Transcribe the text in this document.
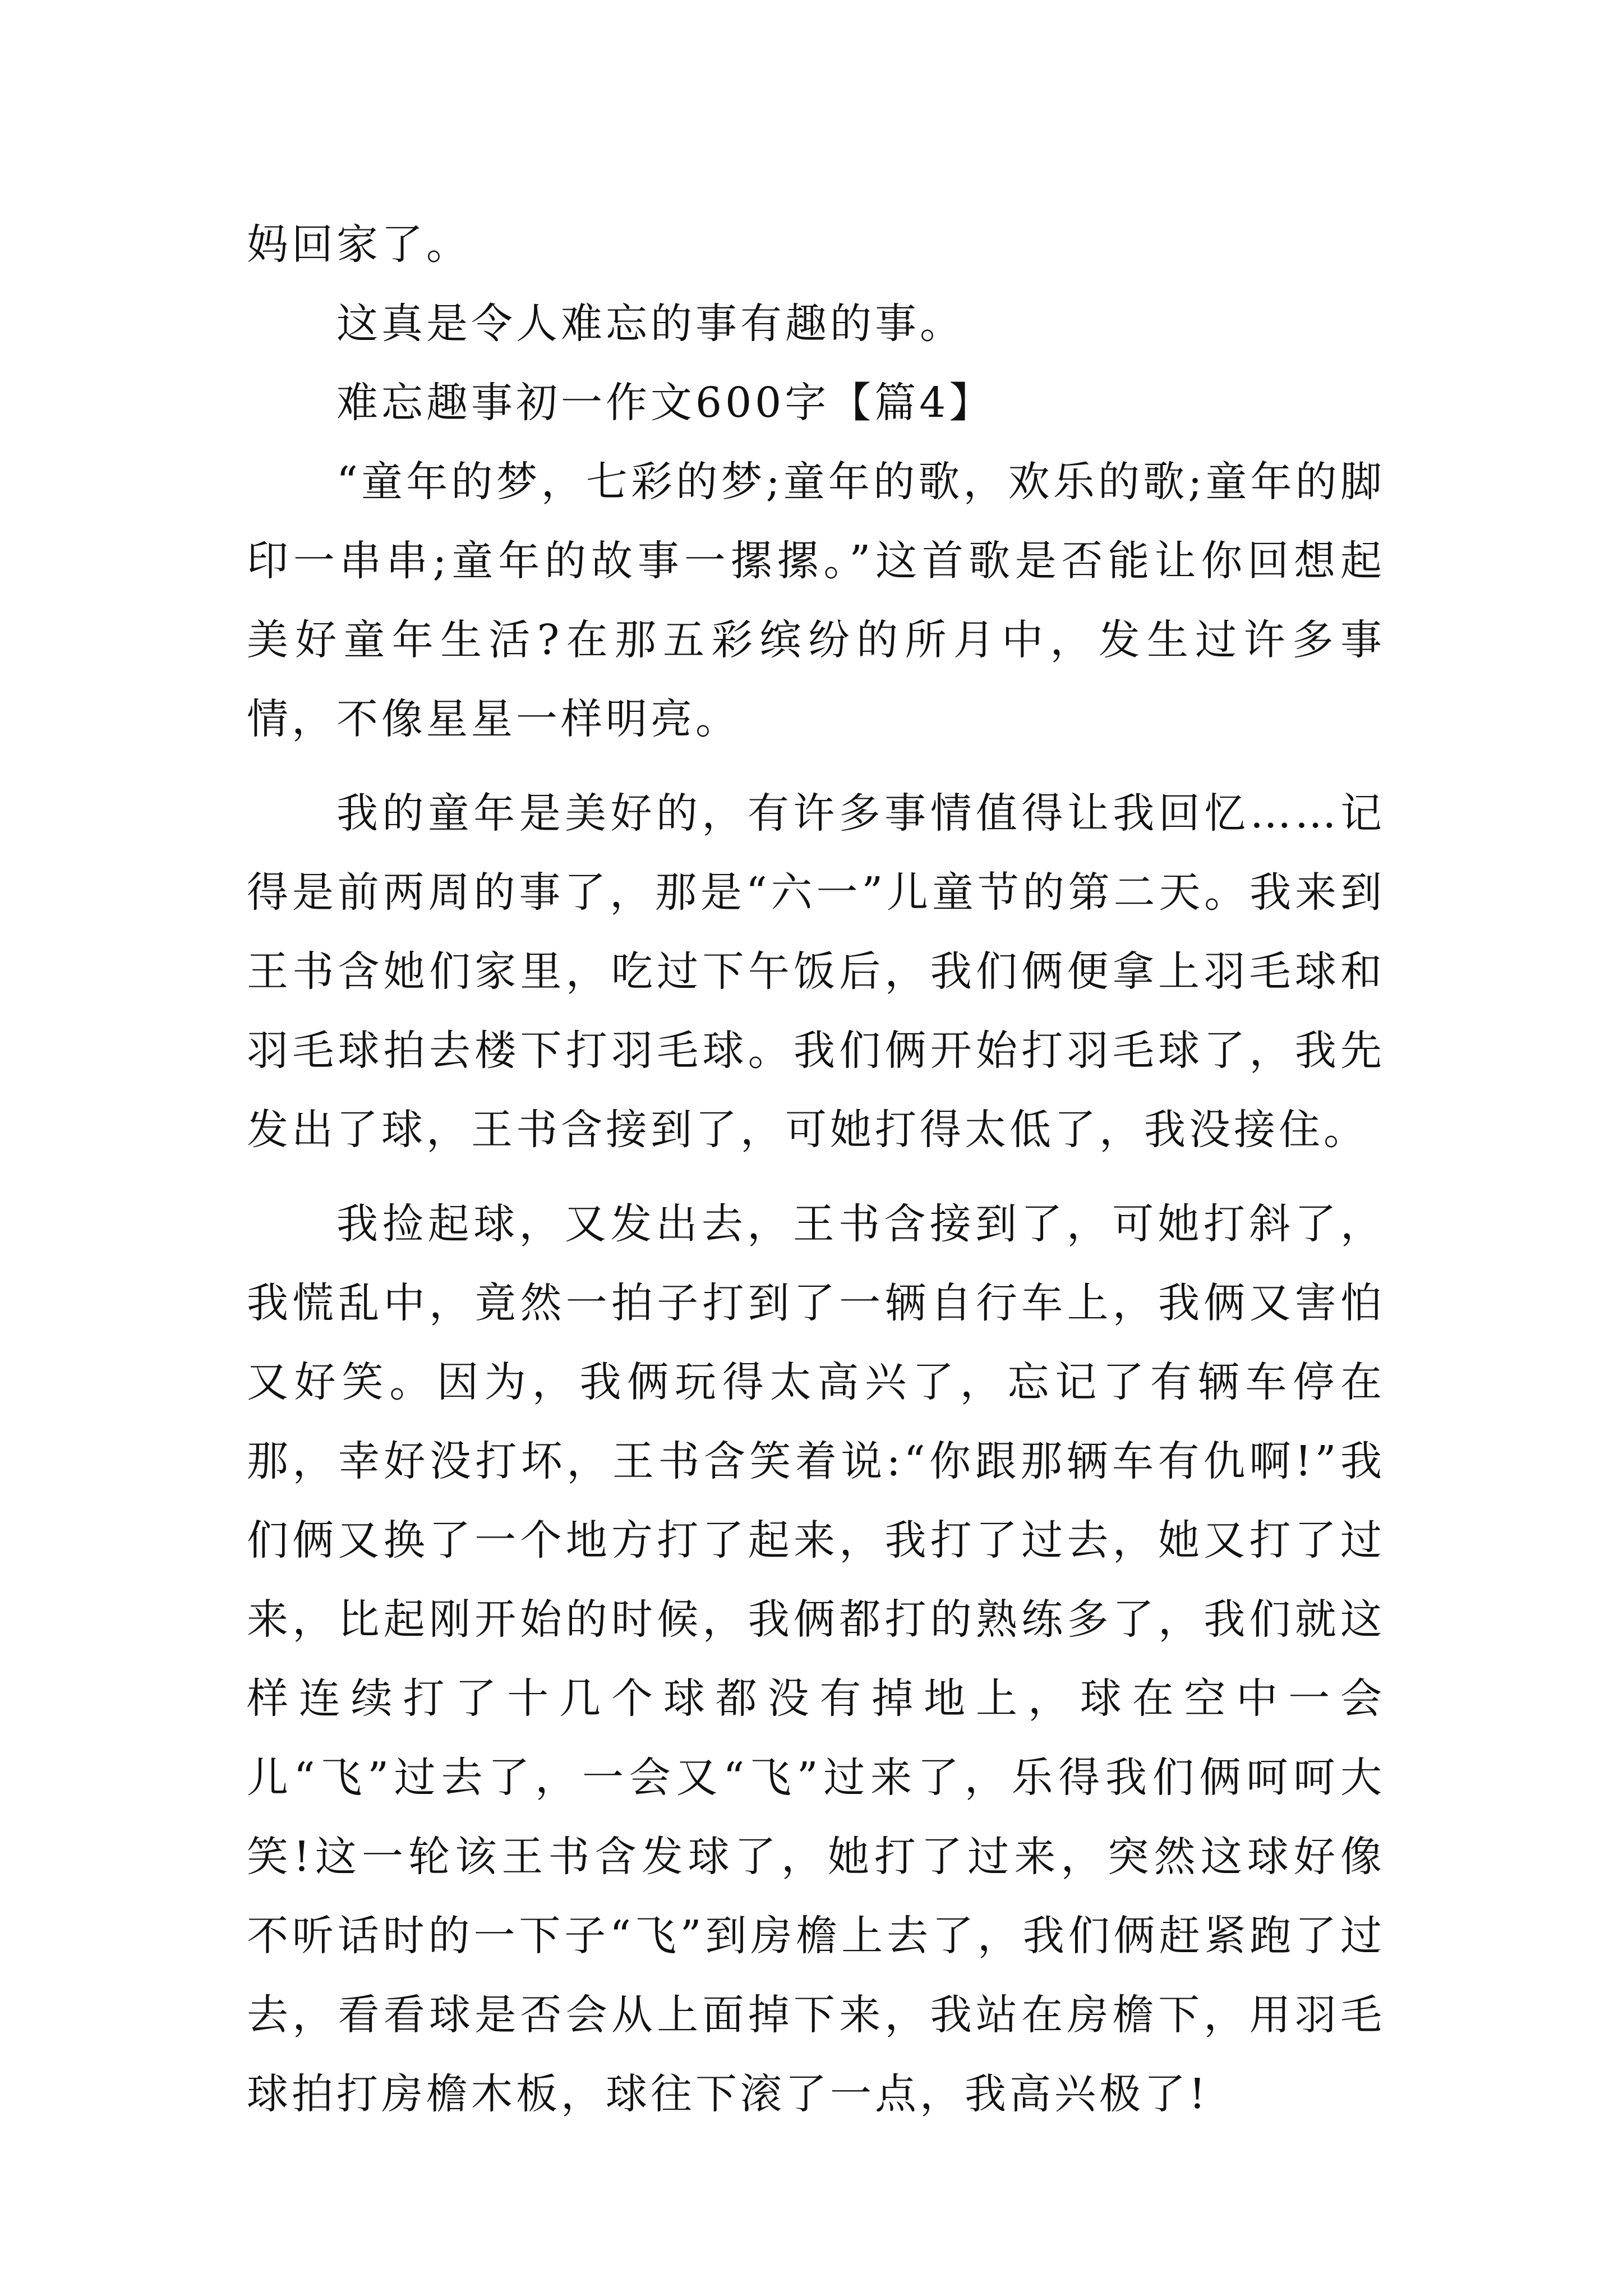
妈回家了。

这真是令人难忘的事有趣的事。

难忘趣事初一作文600字【篇4】

“童年的梦，七彩的梦;童年的歌，欢乐的歌;童年的脚印一串串;童年的故事一摞摞。”这首歌是否能让你回想起美好童年生活?在那五彩缤纷的所月中，发生过许多事情，不像星星一样明亮。

我的童年是美好的，有许多事情值得让我回忆……记得是前两周的事了，那是“六一”儿童节的第二天。我来到王书含她们家里，吃过下午饭后，我们俩便拿上羽毛球和羽毛球拍去楼下打羽毛球。我们俩开始打羽毛球了，我先发出了球，王书含接到了，可她打得太低了，我没接住。

我捡起球，又发出去，王书含接到了，可她打斜了，我慌乱中，竟然一拍子打到了一辆自行车上，我俩又害怕又好笑。因为，我俩玩得太高兴了，忘记了有辆车停在那，幸好没打坏，王书含笑着说:“你跟那辆车有仇啊!”我们俩又换了一个地方打了起来，我打了过去，她又打了过来，比起刚开始的时候，我俩都打的熟练多了，我们就这样连续打了十几个球都没有掉地上，球在空中一会儿“飞”过去了，一会又“飞”过来了，乐得我们俩呵呵大笑!这一轮该王书含发球了，她打了过来，突然这球好像不听话时的一下子“飞”到房檐上去了，我们俩赶紧跑了过去，看看球是否会从上面掉下来，我站在房檐下，用羽毛球拍打房檐木板，球往下滚了一点，我高兴极了!
